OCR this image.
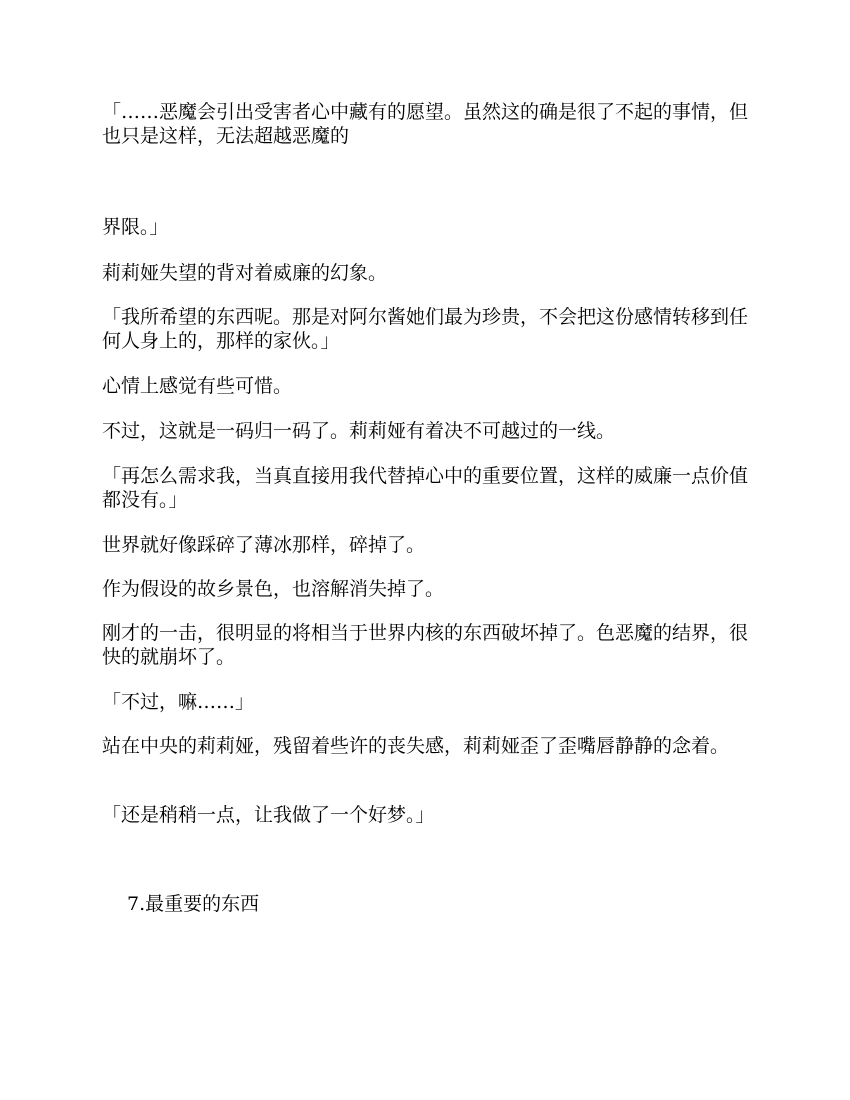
「……恶魔会引出受害者心中藏有的愿望。虽然这的确是很了不起的事情，但也只是这样，无法超越恶魔的

界限。」

莉莉娅失望的背对着威廉的幻象。

「我所希望的东西呢。那是对阿尔酱她们最为珍贵，不会把这份感情转移到任何人身上的，那样的家伙。」

心情上感觉有些可惜。

不过，这就是一码归一码了。莉莉娅有着决不可越过的一线。

「再怎么需求我，当真直接用我代替掉心中的重要位置，这样的威廉一点价值都没有。」

世界就好像踩碎了薄冰那样，碎掉了。

作为假设的故乡景色，也溶解消失掉了。

刚才的一击，很明显的将相当于世界内核的东西破坏掉了。色恶魔的结界，很快的就崩坏了。

「不过，嘛……」

站在中央的莉莉娅，残留着些许的丧失感，莉莉娅歪了歪嘴唇静静的念着。

「还是稍稍一点，让我做了一个好梦。」

7.最重要的东西
